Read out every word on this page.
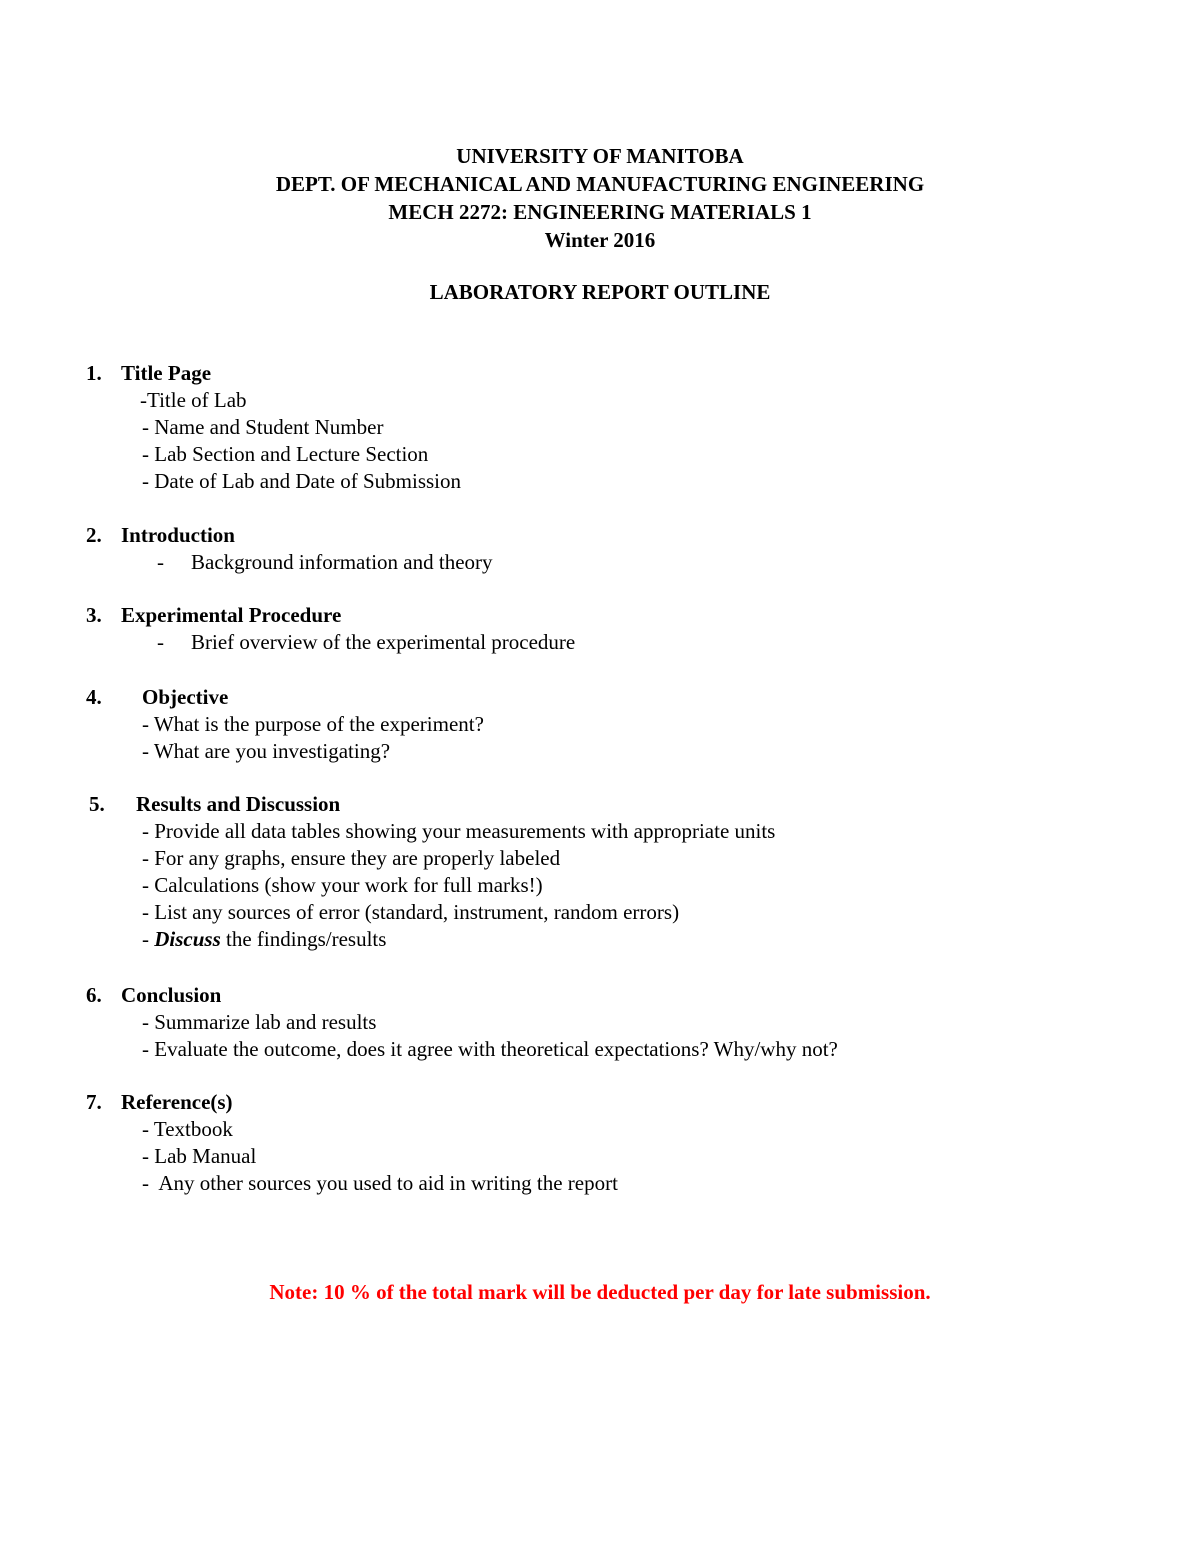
UNIVERSITY OF MANITOBA
DEPT. OF MECHANICAL AND MANUFACTURING ENGINEERING
MECH 2272: ENGINEERING MATERIALS 1
Winter 2016
LABORATORY REPORT OUTLINE
1. Title Page
-Title of Lab
- Name and Student Number
- Lab Section and Lecture Section
- Date of Lab and Date of Submission
2. Introduction
- Background information and theory
3. Experimental Procedure
- Brief overview of the experimental procedure
4. Objective
- What is the purpose of the experiment?
- What are you investigating?
5. Results and Discussion
- Provide all data tables showing your measurements with appropriate units
- For any graphs, ensure they are properly labeled
- Calculations (show your work for full marks!)
- List any sources of error (standard, instrument, random errors)
- Discuss the findings/results
6. Conclusion
- Summarize lab and results
- Evaluate the outcome, does it agree with theoretical expectations? Why/why not?
7. Reference(s)
- Textbook
- Lab Manual
-  Any other sources you used to aid in writing the report
Note: 10 % of the total mark will be deducted per day for late submission.
